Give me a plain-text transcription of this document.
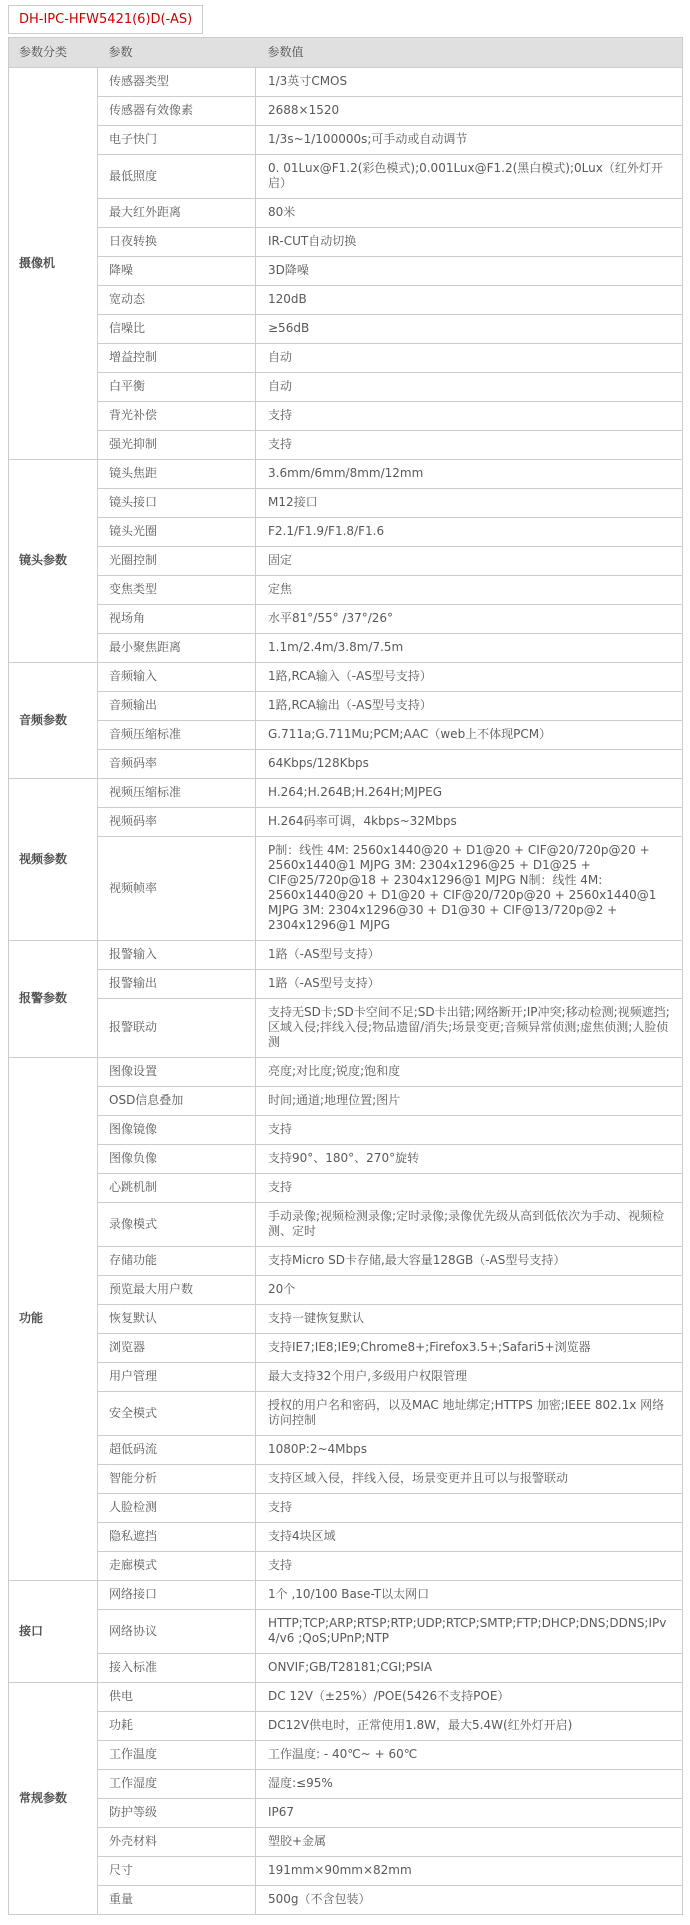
DH-IPC-HFW5421(6)D(-AS)
参数分类	参数	参数值
摄像机	传感器类型	1/3英寸CMOS
	传感器有效像素	2688×1520
	电子快门	1/3s~1/100000s;可手动或自动调节
	最低照度	0. 01Lux@F1.2(彩色模式);0.001Lux@F1.2(黑白模式);0Lux（红外灯开启）
	最大红外距离	80米
	日夜转换	IR-CUT自动切换
	降噪	3D降噪
	宽动态	120dB
	信噪比	≥56dB
	增益控制	自动
	白平衡	自动
	背光补偿	支持
	强光抑制	支持
镜头参数	镜头焦距	3.6mm/6mm/8mm/12mm
	镜头接口	M12接口
	镜头光圈	F2.1/F1.9/F1.8/F1.6
	光圈控制	固定
	变焦类型	定焦
	视场角	水平81°/55° /37°/26°
	最小聚焦距离	1.1m/2.4m/3.8m/7.5m
音频参数	音频输入	1路,RCA输入（-AS型号支持）
	音频输出	1路,RCA输出（-AS型号支持）
	音频压缩标准	G.711a;G.711Mu;PCM;AAC（web上不体现PCM）
	音频码率	64Kbps/128Kbps
视频参数	视频压缩标准	H.264;H.264B;H.264H;MJPEG
	视频码率	H.264码率可调，4kbps~32Mbps
	视频帧率	P制：线性 4M: 2560x1440@20 + D1@20 + CIF@20/720p@20 + 2560x1440@1 MJPG 3M: 2304x1296@25 + D1@25 + CIF@25/720p@18 + 2304x1296@1 MJPG N制：线性 4M: 2560x1440@20 + D1@20 + CIF@20/720p@20 + 2560x1440@1 MJPG 3M: 2304x1296@30 + D1@30 + CIF@13/720p@2 + 2304x1296@1 MJPG
报警参数	报警输入	1路（-AS型号支持）
	报警输出	1路（-AS型号支持）
	报警联动	支持无SD卡;SD卡空间不足;SD卡出错;网络断开;IP冲突;移动检测;视频遮挡;区域入侵;拌线入侵;物品遗留/消失;场景变更;音频异常侦测;虚焦侦测;人脸侦测
功能	图像设置	亮度;对比度;锐度;饱和度
	OSD信息叠加	时间;通道;地理位置;图片
	图像镜像	支持
	图像负像	支持90°、180°、270°旋转
	心跳机制	支持
	录像模式	手动录像;视频检测录像;定时录像;录像优先级从高到低依次为手动、视频检测、定时
	存储功能	支持Micro SD卡存储,最大容量128GB（-AS型号支持）
	预览最大用户数	20个
	恢复默认	支持一键恢复默认
	浏览器	支持IE7;IE8;IE9;Chrome8+;Firefox3.5+;Safari5+浏览器
	用户管理	最大支持32个用户,多级用户权限管理
	安全模式	授权的用户名和密码，以及MAC 地址绑定;HTTPS 加密;IEEE 802.1x 网络访问控制
	超低码流	1080P:2~4Mbps
	智能分析	支持区域入侵，拌线入侵，场景变更并且可以与报警联动
	人脸检测	支持
	隐私遮挡	支持4块区域
	走廊模式	支持
接口	网络接口	1个 ,10/100 Base-T以太网口
	网络协议	HTTP;TCP;ARP;RTSP;RTP;UDP;RTCP;SMTP;FTP;DHCP;DNS;DDNS;IPv4/v6 ;QoS;UPnP;NTP
	接入标准	ONVIF;GB/T28181;CGI;PSIA
常规参数	供电	DC 12V（±25%）/POE(5426不支持POE）
	功耗	DC12V供电时，正常使用1.8W，最大5.4W(红外灯开启)
	工作温度	工作温度: - 40℃~ + 60℃
	工作湿度	湿度:≤95%
	防护等级	IP67
	外壳材料	塑胶+金属
	尺寸	191mm×90mm×82mm
	重量	500g（不含包装）
